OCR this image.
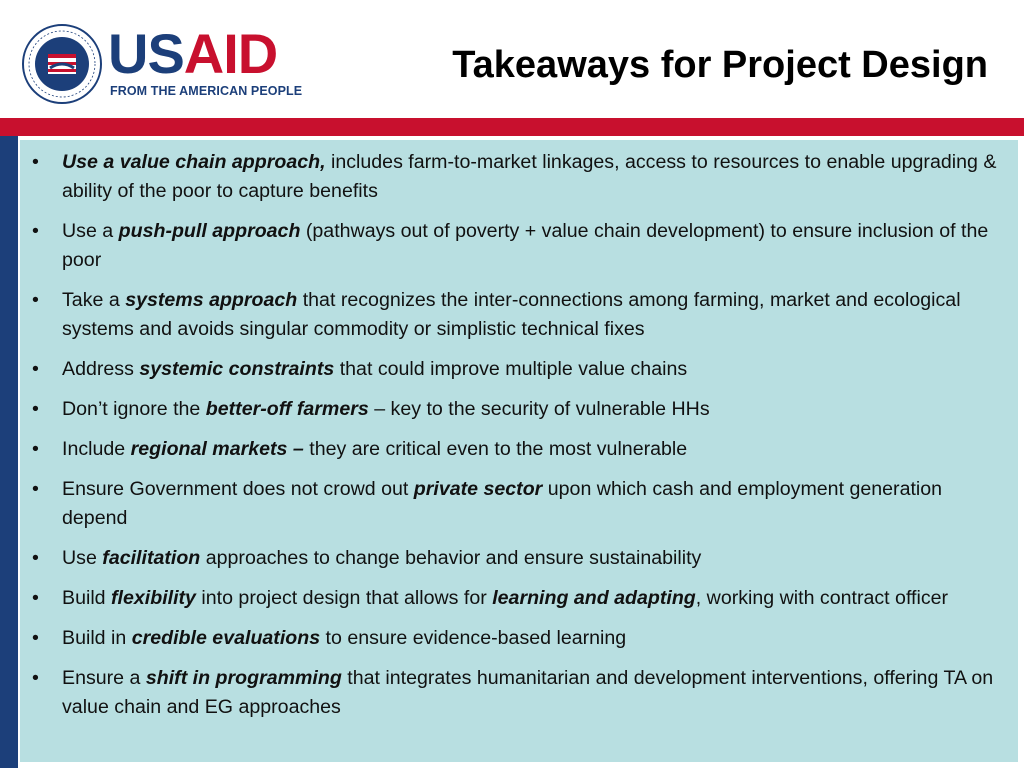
USAID
FROM THE AMERICAN PEOPLE
Takeaways for Project Design
• Use a value chain approach, includes farm-to-market linkages, access to resources to enable upgrading & ability of the poor to capture benefits
• Use a push-pull approach (pathways out of poverty + value chain development) to ensure inclusion of the poor
• Take a systems approach that recognizes the inter-connections among farming, market and ecological systems and avoids singular commodity or simplistic technical fixes
• Address systemic constraints that could improve multiple value chains
• Don’t ignore the better-off farmers – key to the security of vulnerable HHs
• Include regional markets – they are critical even to the most vulnerable
• Ensure Government does not crowd out private sector upon which cash and employment generation depend
• Use facilitation approaches to change behavior and ensure sustainability
• Build flexibility into project design that allows for learning and adapting, working with contract officer
• Build in credible evaluations to ensure evidence-based learning
• Ensure a shift in programming that integrates humanitarian and development interventions, offering TA on value chain and EG approaches
